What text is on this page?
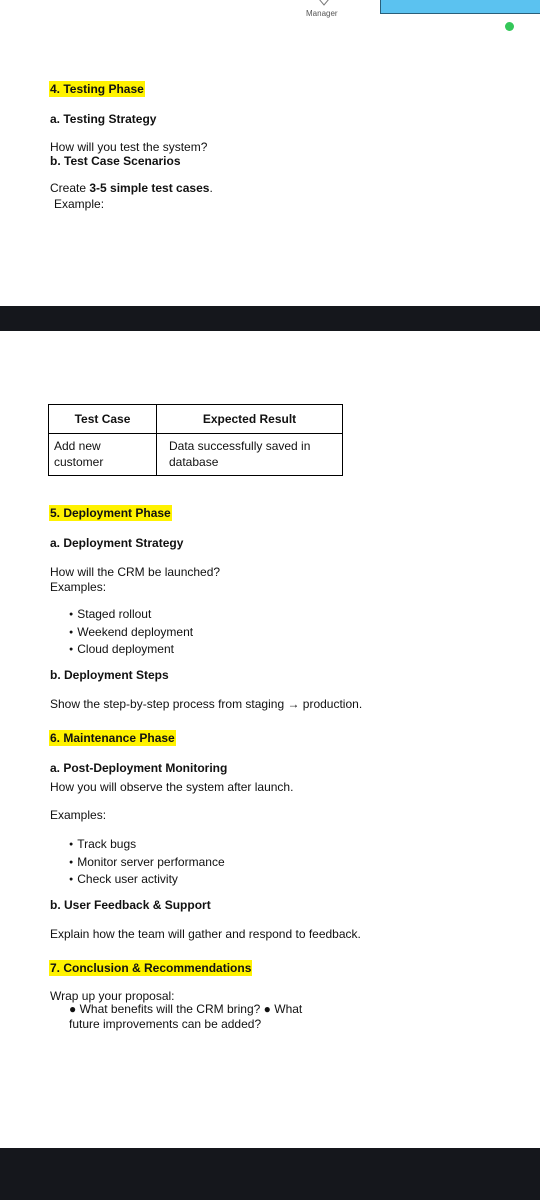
Manager
4. Testing Phase
a. Testing Strategy
How will you test the system?
b. Test Case Scenarios
Create 3-5 simple test cases.
Example:
Test Case	Expected Result
Add new customer	Data successfully saved in database
5. Deployment Phase
a. Deployment Strategy
How will the CRM be launched?
Examples:
● Staged rollout
● Weekend deployment
● Cloud deployment
b. Deployment Steps
Show the step-by-step process from staging → production.
6. Maintenance Phase
a. Post-Deployment Monitoring
How you will observe the system after launch.
Examples:
● Track bugs
● Monitor server performance
● Check user activity
b. User Feedback & Support
Explain how the team will gather and respond to feedback.
7. Conclusion & Recommendations
Wrap up your proposal:
● What benefits will the CRM bring? ● What
future improvements can be added?
